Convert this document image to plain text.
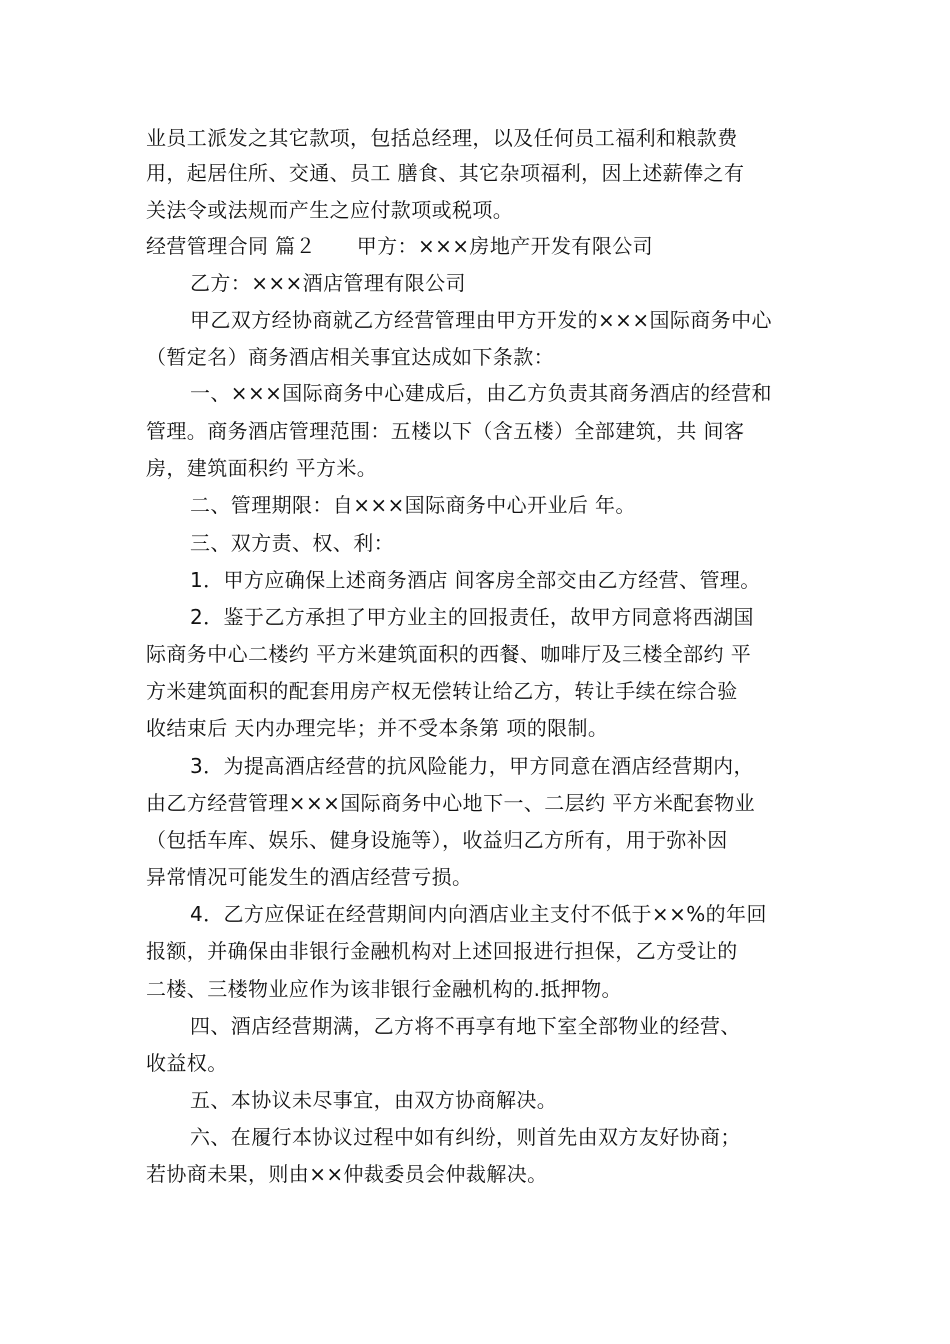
业员工派发之其它款项，包括总经理，以及任何员工福利和粮款费
用，起居住所、交通、员工 膳食、其它杂项福利，因上述薪俸之有
关法令或法规而产生之应付款项或税项。
经营管理合同 篇２　　甲方：×××房地产开发有限公司
乙方：×××酒店管理有限公司
甲乙双方经协商就乙方经营管理由甲方开发的×××国际商务中心
（暂定名）商务酒店相关事宜达成如下条款：
一、×××国际商务中心建成后，由乙方负责其商务酒店的经营和
管理。商务酒店管理范围：五楼以下（含五楼）全部建筑，共 间客
房，建筑面积约 平方米。
二、管理期限：自×××国际商务中心开业后 年。
三、双方责、权、利：
1．甲方应确保上述商务酒店 间客房全部交由乙方经营、管理。
2．鉴于乙方承担了甲方业主的回报责任，故甲方同意将西湖国
际商务中心二楼约 平方米建筑面积的西餐、咖啡厅及三楼全部约 平
方米建筑面积的配套用房产权无偿转让给乙方，转让手续在综合验
收结束后 天内办理完毕；并不受本条第 项的限制。
3．为提高酒店经营的抗风险能力，甲方同意在酒店经营期内，
由乙方经营管理×××国际商务中心地下一、二层约 平方米配套物业
（包括车库、娱乐、健身设施等），收益归乙方所有，用于弥补因
异常情况可能发生的酒店经营亏损。
4．乙方应保证在经营期间内向酒店业主支付不低于××%的年回
报额，并确保由非银行金融机构对上述回报进行担保，乙方受让的
二楼、三楼物业应作为该非银行金融机构的.抵押物。
四、酒店经营期满，乙方将不再享有地下室全部物业的经营、
收益权。
五、本协议未尽事宜，由双方协商解决。
六、在履行本协议过程中如有纠纷，则首先由双方友好协商；
若协商未果，则由××仲裁委员会仲裁解决。
